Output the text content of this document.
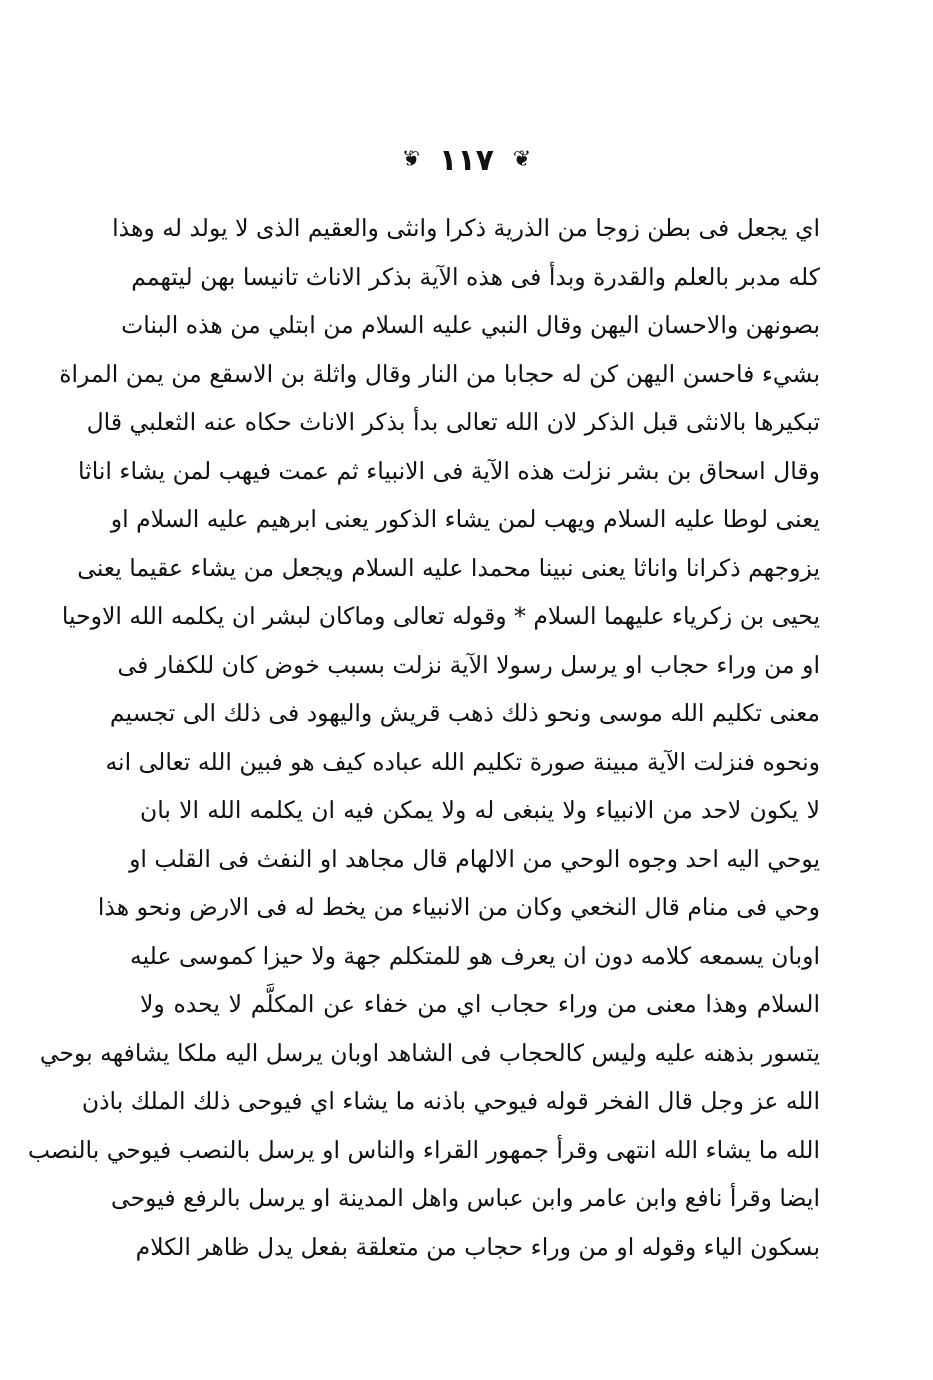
❦
١١٧
❦
اي يجعل فى بطن زوجا من الذرية ذكرا وانثى والعقيم الذى لا يولد له وهذا
كله مدبر بالعلم والقدرة وبدأ فى هذه الآية بذكر الاناث تانيسا بهن ليتهمم
بصونهن والاحسان اليهن وقال النبي عليه السلام من ابتلي من هذه البنات
بشيء فاحسن اليهن كن له حجابا من النار وقال واثلة بن الاسقع من يمن المراة
تبكيرها بالانثى قبل الذكر لان الله تعالى بدأ بذكر الاناث حكاه عنه الثعلبي قال
وقال اسحاق بن بشر نزلت هذه الآية فى الانبياء ثم عمت فيهب لمن يشاء اناثا
يعنى لوطا عليه السلام ويهب لمن يشاء الذكور يعنى ابرهيم عليه السلام او
يزوجهم ذكرانا واناثا يعنى نبينا محمدا عليه السلام ويجعل من يشاء عقيما يعنى
يحيى بن زكرياء عليهما السلام * وقوله تعالى وماكان لبشر ان يكلمه الله الاوحيا
او من وراء حجاب او يرسل رسولا الآية نزلت بسبب خوض كان للكفار فى
معنى تكليم الله موسى ونحو ذلك ذهب قريش واليهود فى ذلك الى تجسيم
ونحوه فنزلت الآية مبينة صورة تكليم الله عباده كيف هو فبين الله تعالى انه
لا يكون لاحد من الانبياء ولا ينبغى له ولا يمكن فيه ان يكلمه الله الا بان
يوحي اليه احد وجوه الوحي من الالهام قال مجاهد او النفث فى القلب او
وحي فى منام قال النخعي وكان من الانبياء من يخط له فى الارض ونحو هذا
اوبان يسمعه كلامه دون ان يعرف هو للمتكلم جهة ولا حيزا كموسى عليه
السلام وهذا معنى من وراء حجاب اي من خفاء عن المكلَّم لا يحده ولا
يتسور بذهنه عليه وليس كالحجاب فى الشاهد اوبان يرسل اليه ملكا يشافهه بوحي
الله عز وجل قال الفخر قوله فيوحي باذنه ما يشاء اي فيوحى ذلك الملك باذن
الله ما يشاء الله انتهى وقرأ جمهور القراء والناس او يرسل بالنصب فيوحي بالنصب
ايضا وقرأ نافع وابن عامر وابن عباس واهل المدينة او يرسل بالرفع فيوحى
بسكون الياء وقوله او من وراء حجاب من متعلقة بفعل يدل ظاهر الكلام
